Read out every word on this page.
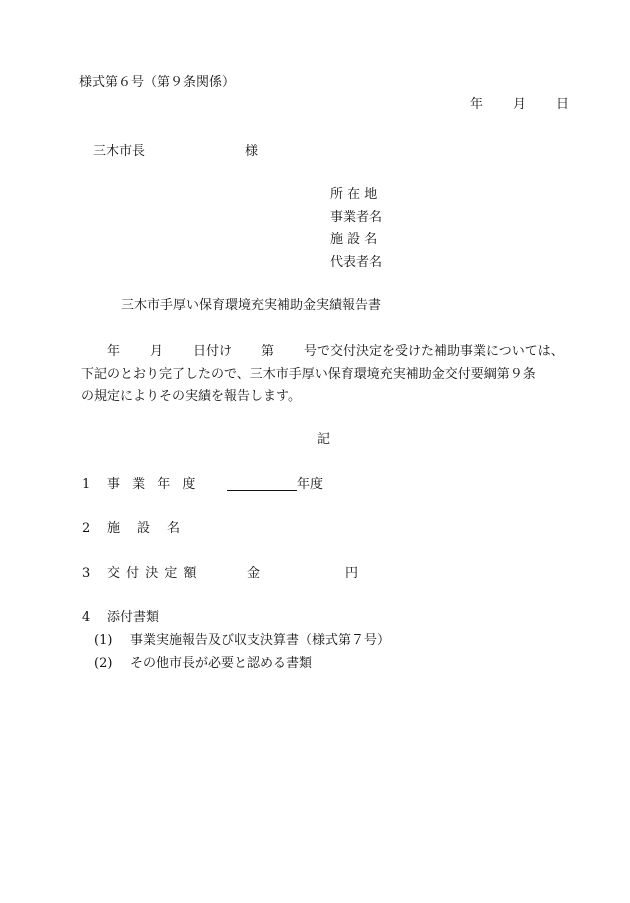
様式第６号（第９条関係）
年 月 日
三木市長	様
所 在 地
事業者名
施 設 名
代表者名
三木市手厚い保育環境充実補助金実績報告書
年 月 日付け 第 号で交付決定を受けた補助事業については、
下記のとおり完了したので、三木市手厚い保育環境充実補助金交付要綱第９条
の規定によりその実績を報告します。
記
1 事 業 年 度	年度
2 施　設　名
3 交 付 決 定 額	金	円
4 添付書類
(1) 事業実施報告及び収支決算書（様式第７号）
(2) その他市長が必要と認める書類
